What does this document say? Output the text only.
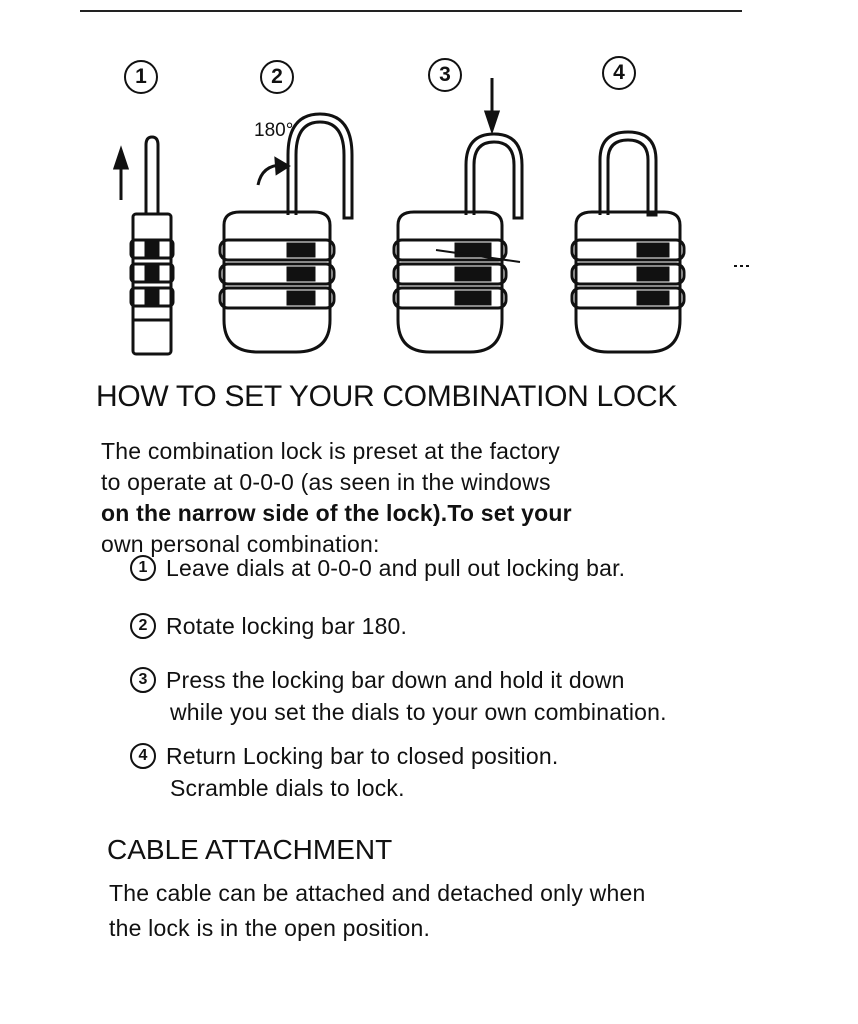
1	2	3	4
180°
HOW TO SET YOUR COMBINATION LOCK
The combination lock is preset at the factory
to operate at 0-0-0 (as seen in the windows
on the narrow side of the lock).To set your
own personal combination:
1 Leave dials at 0-0-0 and pull out locking bar.
2 Rotate locking bar 180.
3 Press the locking bar down and hold it down
while you set the dials to your own combination.
4 Return Locking bar to closed position.
Scramble dials to lock.
CABLE ATTACHMENT
The cable can be attached and detached only when
the lock is in the open position.
